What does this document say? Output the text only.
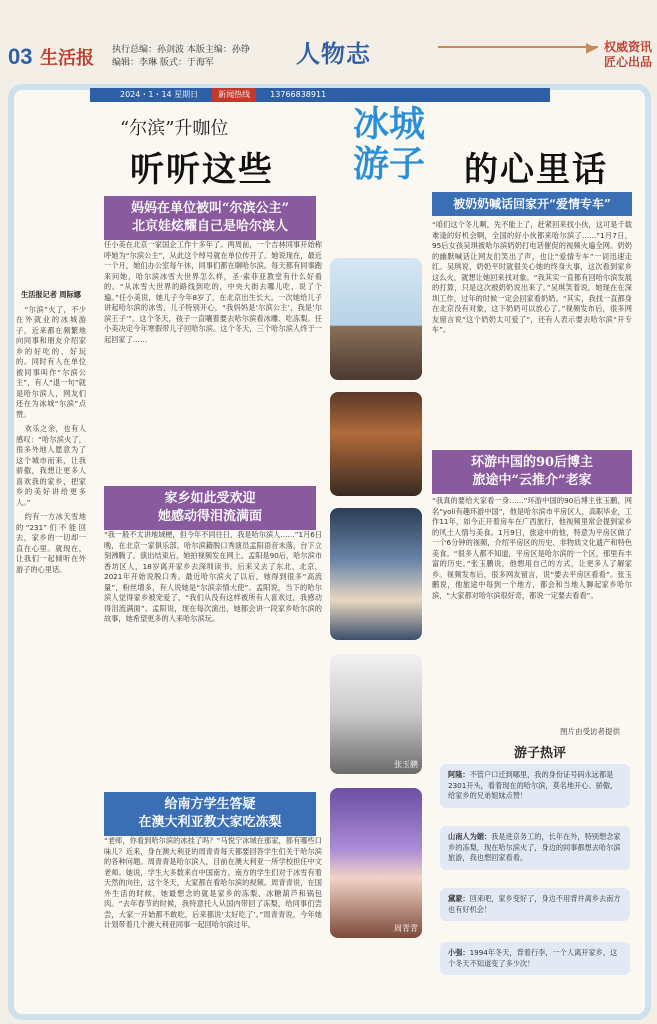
03 生活报 执行总编：孙剑波 本版主编：孙铮
编辑：李琳 版式：于海军	人物志	▶ 权威资讯
匠心出品
2024・1・14 星期日	新闻热线	13766838911
“尔滨”升咖位
听听这些
冰城
游子	的心里话
生活报记者 周际娜

“尔滨”火了，不少在外就业的冰城游子，近来都在频繁地向同事和朋友介绍家乡的好吃的、好玩的。同时有人在单位被同事叫作“尔滨公主”，有人“退一句”就是哈尔滨人，网友们还在为冰城“尔滨”点赞。

欢乐之余，也有人感叹：“哈尔滨火了，很多外地人愿意为了这个城市而来，让我骄傲，我想让更多人喜欢我的家乡，把家乡的美好讲给更多人。”

约有一方冰天雪地的“231”们不能回去，家乡的一切却一直在心里。就现在，让我们一起倾听在外游子的心里话。

妈妈在单位被叫“尔滨公主”
北京娃炫耀自己是哈尔滨人
任小美在北京一家国企工作十多年了。两周前，一个吉林同事开始称呼她为“尔滨公主”，从此这个绰号就在单位传开了。她说现在，最近一个月，她们办公室每午休，同事们都在聊哈尔滨。每天都有同事跑来问她，哈尔滨冰雪大世界怎么样，圣·索菲亚教堂有什么好看的。“从冰雪大世界的路线到吃的，中央大街去哪儿吃，说了个遍。”任小美说，她儿子今年8岁了，在北京出生长大。一次她给儿子讲起哈尔滨的冰雪，儿子特别开心，“我妈妈是‘尔滨公主’，我是‘尔滨王子’”。这个冬天，孩子一直嚷着要去哈尔滨看冰雕、吃冻梨。任小美决定今年寒假带儿子回哈尔滨。这个冬天，三个哈尔滨人终于一起回家了……
家乡如此受欢迎
她感动得泪流满面
“我一般不太讲地域梗，但今年不同往日，我是哈尔滨人……”1月6日晚，在北京一家俱乐部，哈尔滨籍脱口秀演员孟阳语音未落，台下立刻沸腾了。演出结束后，她拍视频发在网上。孟阳是90后，哈尔滨市香坊区人，18岁离开家乡去深圳读书，后来又去了东北、北京，2021年开始说脱口秀。最近哈尔滨火了以后，她得到很多“高流量”，粉丝增多，有人说她是“尔滨亲情大使”。孟阳说，当下的哈尔滨人觉得家乡被宠爱了，“我们从没有这样被所有人喜欢过，我感动得泪流满面”。孟阳说，现在每次演出，她都会讲一段家乡哈尔滨的故事，她希望更多的人来哈尔滨玩。
给南方学生答疑
在澳大利亚教大家吃冻梨
“老师，你看到哈尔滨的冰挂了吗？”马悦宁冰城在那家，都有哪些口味儿？近来，身在澳大利亚的周青青每天都要回答学生们关于哈尔滨的各种问题。周青青是哈尔滨人，目前在澳大利亚一所学校担任中文老师。她说，学生大多数来自中国南方。南方的学生们对于冰雪有着天然的向往，这个冬天，大家都在看哈尔滨的视频。周青青说，在国外生活的时候，她最想念的就是家乡的冻梨、冰糖葫芦和锅包肉。“去年春节的时候，我特意托人从国内带回了冻梨，给同事们尝尝，大家一开始都不敢吃，后来都说‘太好吃了’。”周青青说，今年她计划带着几个澳大利亚同事一起回哈尔滨过年。
张玉鹏
周青青
被奶奶喊话回家开“爱情专车”
“咱们这个冬儿啊，先不能上了，赶紧回来找小伙，这可是千载难逢的好机会啊，全国的好小伙都来哈尔滨了……”1月7日，95后女孩吴琪被哈尔滨奶奶打电话催促的视频火遍全网。奶奶的幽默喊话让网友们笑出了声，也让“爱情专车”一词迅速走红。吴琪说，奶奶平时就很关心她的终身大事，这次看到家乡这么火，就想让她回来找对象。“我其实一直都有回哈尔滨发展的打算，只是这次被奶奶说出来了。”吴琪笑着说，她现在在深圳工作，过年的时候一定会回家看奶奶。“其实，我找一直都身在北京没有对象，这下奶奶可以放心了。”视频发布后，很多网友留言说“这个奶奶太可爱了”，还有人表示要去哈尔滨“开专车”。
环游中国的90后博主
旅途中“云推介”老家
“我真的要给大家看一身……”环游中国的90后博主张玉鹏，网名“yoli有趣环游中国”，他是哈尔滨市平房区人，高职毕业，工作11年，如今正开着房车在广西旅行，他视频里常会提到家乡的风土人情与美食。1月9日，旅途中的他，特意为平房区做了一个6分钟的视频，介绍平房区的历史、非物质文化遗产和特色美食。“很多人都不知道，平房区是哈尔滨的一个区，那里有丰富的历史。”张玉鹏说，他想用自己的方式，让更多人了解家乡。视频发布后，很多网友留言，说“要去平房区看看”。张玉鹏说，他旅途中每到一个地方，都会和当地人聊起家乡哈尔滨，“大家都对哈尔滨很好奇，都说一定要去看看”。
图片由受访者提供
游子热评
阿隆：不管户口迁到哪里，我的身份证号码永远都是2301开头，看着现在的哈尔滨，莫名地开心、骄傲，给家乡的兄弟姐妹点赞！
山南人为媚：我是进京务工的，长年在外，特别想念家乡的冻梨，现在哈尔滨火了，身边的同事都想去哈尔滨旅游，我也想回家看看。
黛蒙：回来吧，家乡变好了，身边不用背井离乡去南方也有好机会！
小强：1994年冬天，背着行李，一个人离开家乡，这个冬天不知道变了多少次！
